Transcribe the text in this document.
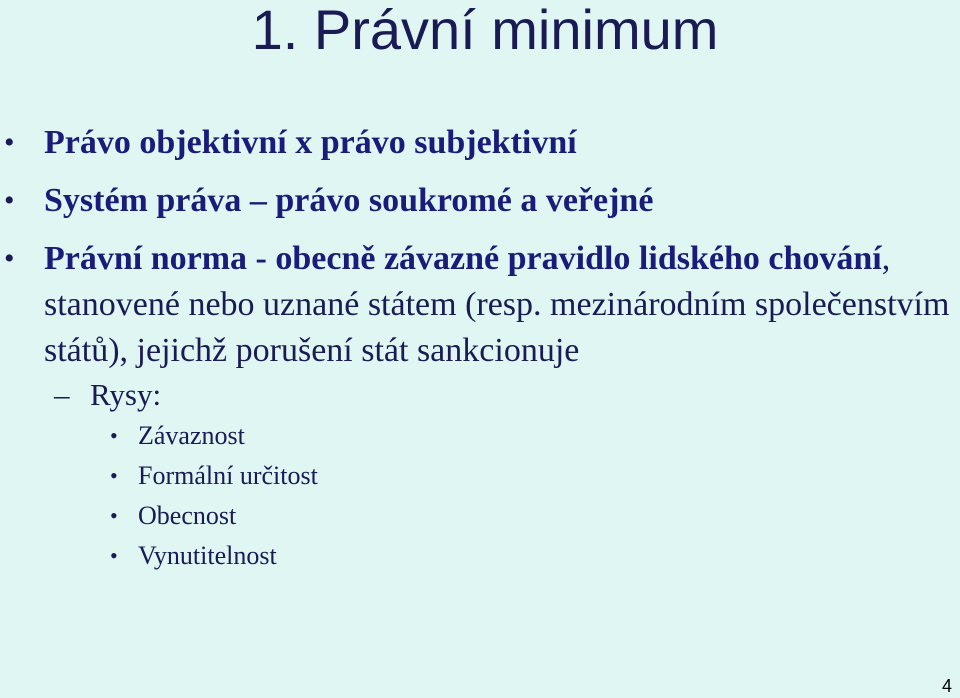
1. Právní minimum
• Právo objektivní x právo subjektivní
• Systém práva – právo soukromé a veřejné
• Právní norma - obecně závazné pravidlo lidského chování, stanovené nebo uznané státem (resp. mezinárodním společenstvím států), jejichž porušení stát sankcionuje
– Rysy:
• Závaznost
• Formální určitost
• Obecnost
• Vynutitelnost
4
